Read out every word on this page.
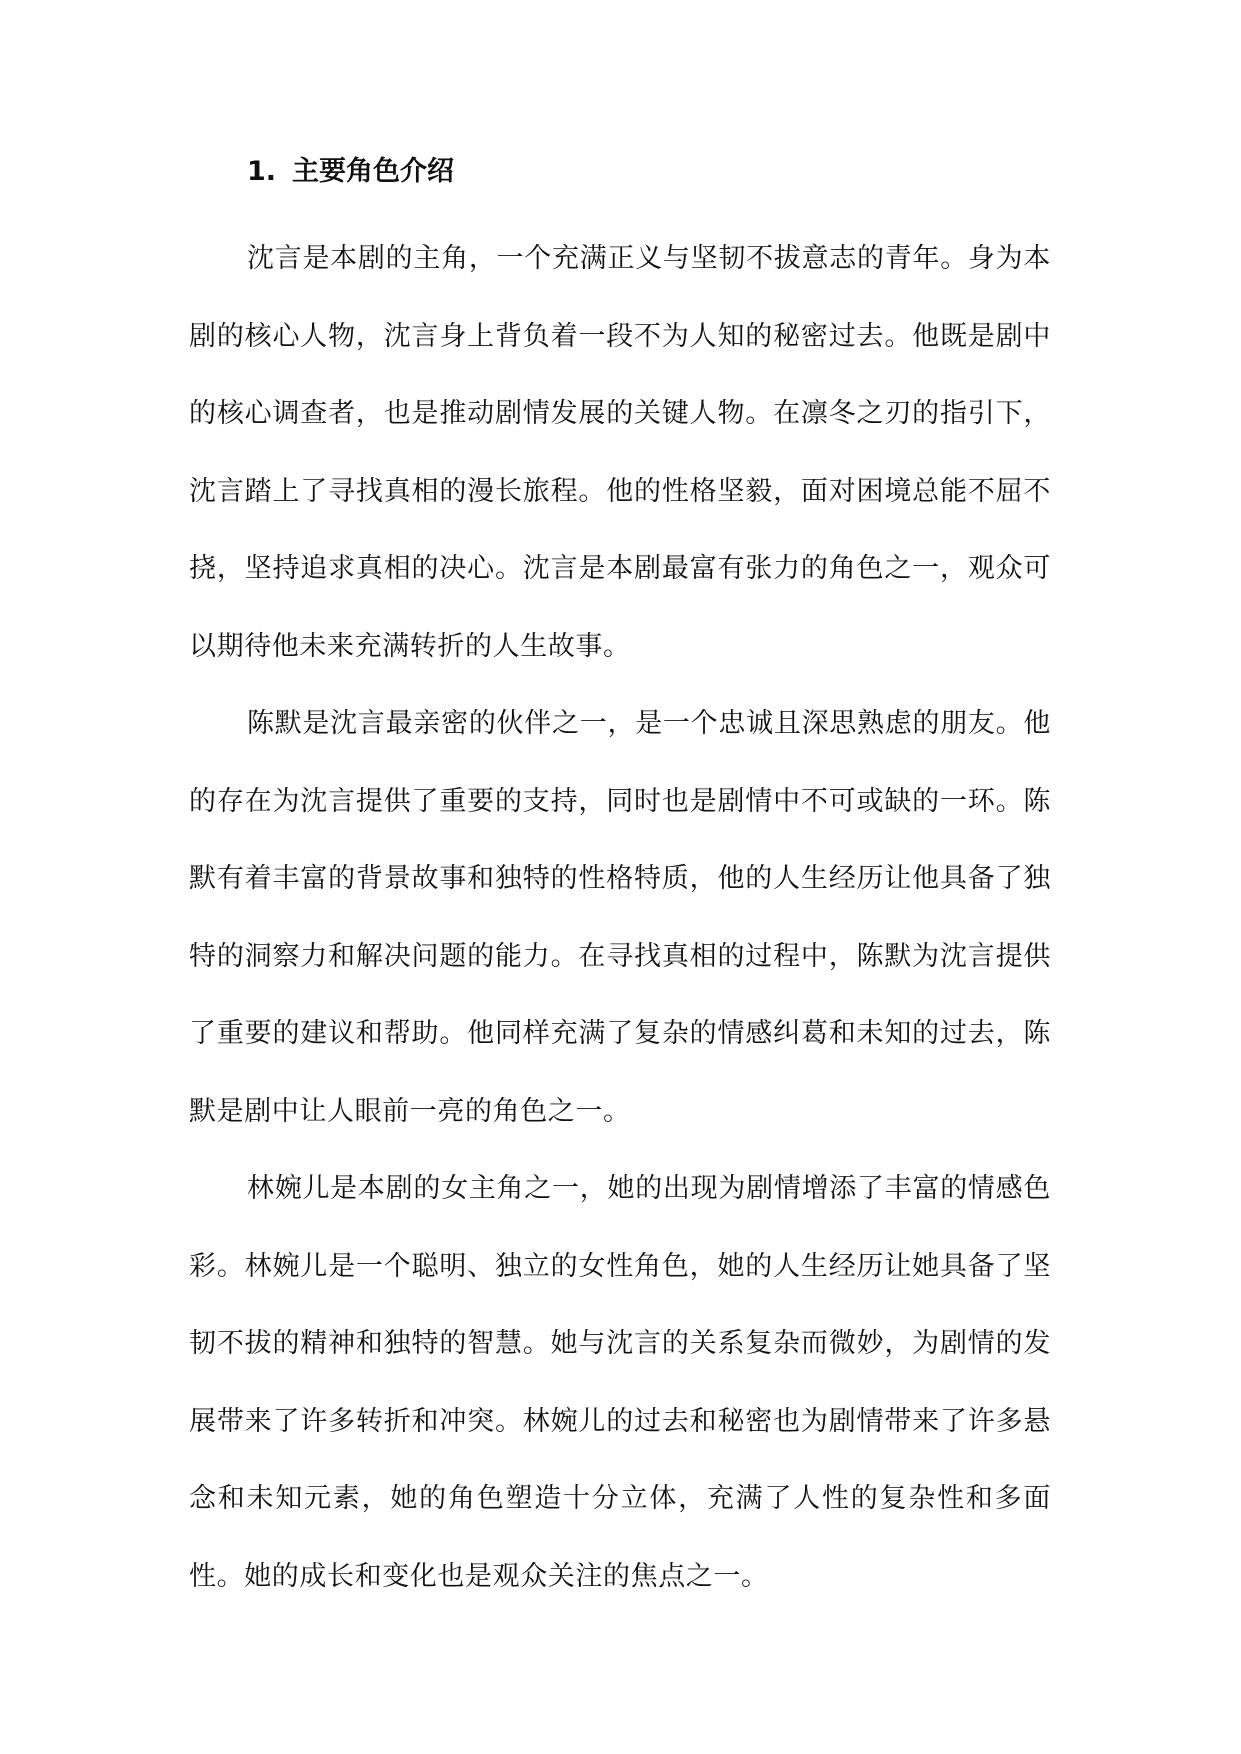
1. 主要角色介绍

沈言是本剧的主角，一个充满正义与坚韧不拔意志的青年。身为本剧的核心人物，沈言身上背负着一段不为人知的秘密过去。他既是剧中的核心调查者，也是推动剧情发展的关键人物。在凛冬之刃的指引下，沈言踏上了寻找真相的漫长旅程。他的性格坚毅，面对困境总能不屈不挠，坚持追求真相的决心。沈言是本剧最富有张力的角色之一，观众可以期待他未来充满转折的人生故事。

陈默是沈言最亲密的伙伴之一，是一个忠诚且深思熟虑的朋友。他的存在为沈言提供了重要的支持，同时也是剧情中不可或缺的一环。陈默有着丰富的背景故事和独特的性格特质，他的人生经历让他具备了独特的洞察力和解决问题的能力。在寻找真相的过程中，陈默为沈言提供了重要的建议和帮助。他同样充满了复杂的情感纠葛和未知的过去，陈默是剧中让人眼前一亮的角色之一。

林婉儿是本剧的女主角之一，她的出现为剧情增添了丰富的情感色彩。林婉儿是一个聪明、独立的女性角色，她的人生经历让她具备了坚韧不拔的精神和独特的智慧。她与沈言的关系复杂而微妙，为剧情的发展带来了许多转折和冲突。林婉儿的过去和秘密也为剧情带来了许多悬念和未知元素，她的角色塑造十分立体，充满了人性的复杂性和多面性。她的成长和变化也是观众关注的焦点之一。
